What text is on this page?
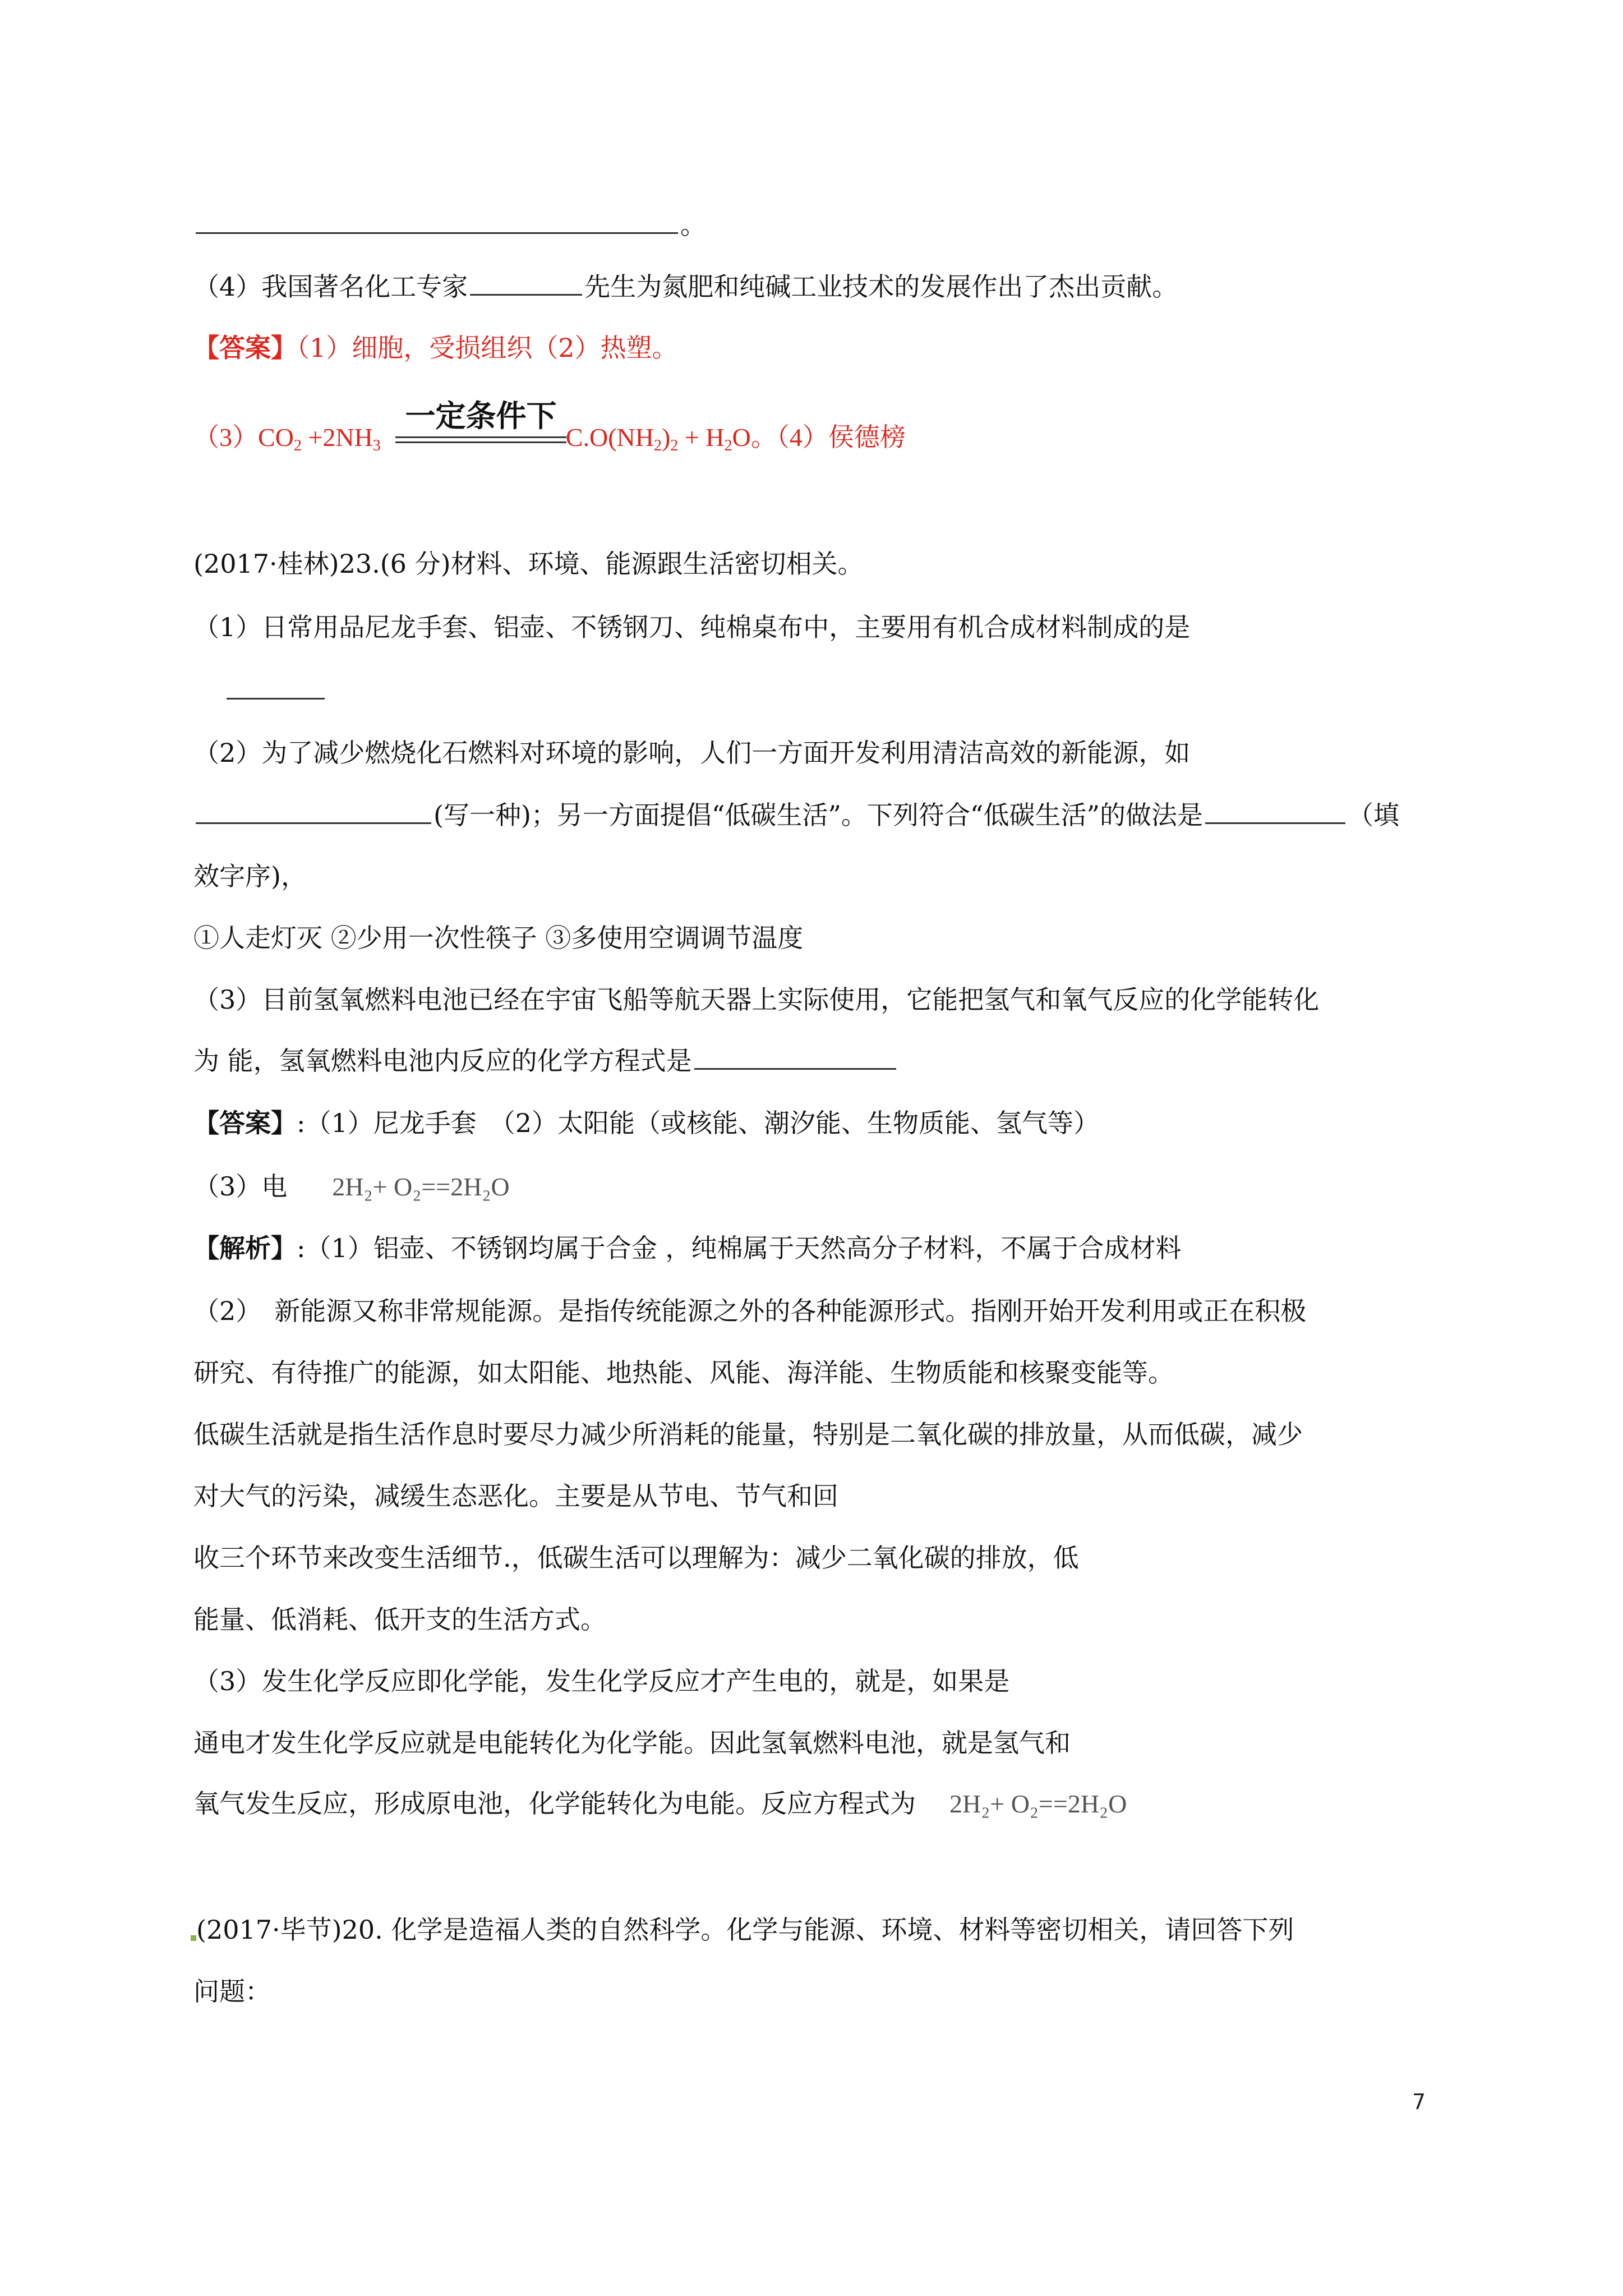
。
（4）我国著名化工专家	先生为氮肥和纯碱工业技术的发展作出了杰出贡献。
【答案】（1）细胞，受损组织（2）热塑。
一定条件下
$(3)CO_2 +2NH_3$	$C.O(NH_2)_2 + H_2O$。（4）侯德榜
(2017·桂林)23.(6 分)材料、环境、能源跟生活密切相关。
（1）日常用品尼龙手套、铝壶、不锈钢刀、纯棉桌布中，主要用有机合成材料制成的是
（2）为了减少燃烧化石燃料对环境的影响，人们一方面开发利用清洁高效的新能源，如
(写一种)；另一方面提倡“低碳生活”。下列符合“低碳生活”的做法是	（填
效字序)，
①人走灯灭 ②少用一次性筷子 ③多使用空调调节温度
（3）目前氢氧燃料电池已经在宇宙飞船等航天器上实际使用，它能把氢气和氧气反应的化学能转化
为 能，氢氧燃料电池内反应的化学方程式是
【答案】:（1）尼龙手套　（2）太阳能（或核能、潮汐能、生物质能、氢气等）
（3）电 2H₂+ O₂==2H₂O
【解析】:（1）铝壶、不锈钢均属于合金 ，纯棉属于天然高分子材料，不属于合成材料
（2）　新能源又称非常规能源。是指传统能源之外的各种能源形式。指刚开始开发利用或正在积极
研究、有待推广的能源，如太阳能、地热能、风能、海洋能、生物质能和核聚变能等。
低碳生活就是指生活作息时要尽力减少所消耗的能量，特别是二氧化碳的排放量，从而低碳，减少
对大气的污染，减缓生态恶化。主要是从节电、节气和回
收三个环节来改变生活细节.，低碳生活可以理解为：减少二氧化碳的排放，低
能量、低消耗、低开支的生活方式。
（3）发生化学反应即化学能，发生化学反应才产生电的，就是，如果是
通电才发生化学反应就是电能转化为化学能。因此氢氧燃料电池，就是氢气和
氧气发生反应，形成原电池，化学能转化为电能。反应方程式为 2H₂+ O₂==2H₂O
(2017·毕节)20. 化学是造福人类的自然科学。化学与能源、环境、材料等密切相关，请回答下列
问题：
7
